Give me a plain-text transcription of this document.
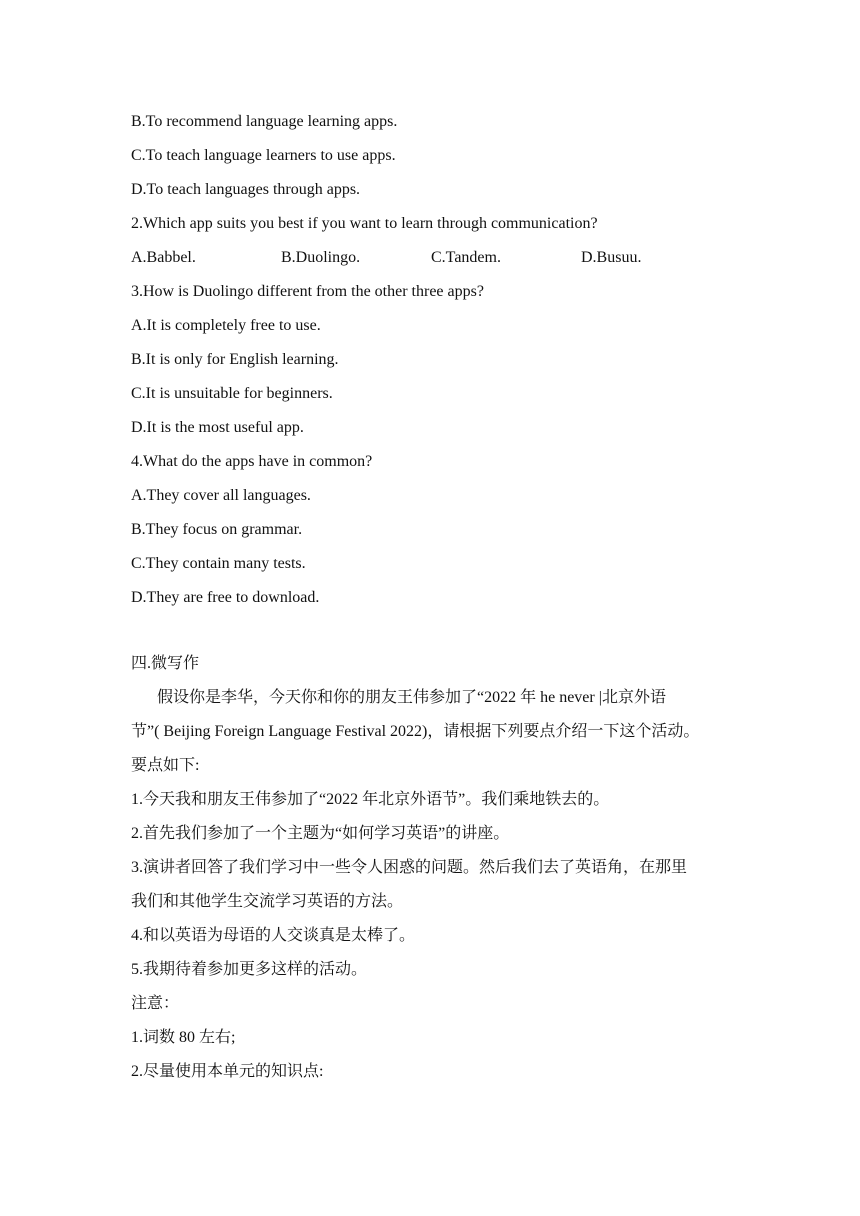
B.To recommend language learning apps.
C.To teach language learners to use apps.
D.To teach languages through apps.
2.Which app suits you best if you want to learn through communication?
A.Babbel.	B.Duolingo.	C.Tandem.	D.Busuu.
3.How is Duolingo different from the other three apps?
A.It is completely free to use.
B.It is only for English learning.
C.It is unsuitable for beginners.
D.It is the most useful app.
4.What do the apps have in common?
A.They cover all languages.
B.They focus on grammar.
C.They contain many tests.
D.They are free to download.
四.微写作
假设你是李华，今天你和你的朋友王伟参加了“2022 年 he never |北京外语
节”( Beijing Foreign Language Festival 2022)，请根据下列要点介绍一下这个活动。
要点如下:
1.今天我和朋友王伟参加了“2022 年北京外语节”。我们乘地铁去的。
2.首先我们参加了一个主题为“如何学习英语”的讲座。
3.演讲者回答了我们学习中一些令人困惑的问题。然后我们去了英语角，在那里
我们和其他学生交流学习英语的方法。
4.和以英语为母语的人交谈真是太棒了。
5.我期待着参加更多这样的活动。
注意：
1.词数 80 左右;
2.尽量使用本单元的知识点:
